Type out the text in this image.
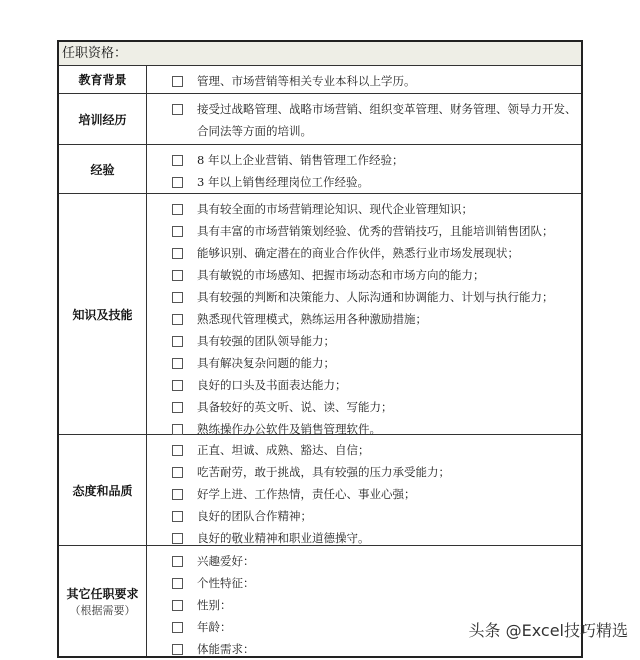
任职资格：
教育背景	管理、市场营销等相关专业本科以上学历。
培训经历
接受过战略管理、战略市场营销、组织变革管理、财务管理、领导力开发、合同法等方面的培训。
经验
8 年以上企业营销、销售管理工作经验；
3 年以上销售经理岗位工作经验。
知识及技能
具有较全面的市场营销理论知识、现代企业管理知识；
具有丰富的市场营销策划经验、优秀的营销技巧，且能培训销售团队；
能够识别、确定潜在的商业合作伙伴，熟悉行业市场发展现状；
具有敏锐的市场感知、把握市场动态和市场方向的能力；
具有较强的判断和决策能力、人际沟通和协调能力、计划与执行能力；
熟悉现代管理模式，熟练运用各种激励措施；
具有较强的团队领导能力；
具有解决复杂问题的能力；
良好的口头及书面表达能力；
具备较好的英文听、说、读、写能力；
熟练操作办公软件及销售管理软件。
态度和品质
正直、坦诚、成熟、豁达、自信；
吃苦耐劳，敢于挑战，具有较强的压力承受能力；
好学上进、工作热情，责任心、事业心强；
良好的团队合作精神；
良好的敬业精神和职业道德操守。
其它任职要求
（根据需要）
兴趣爱好：
个性特征：
性别：
年龄：
体能需求：
头条 @Excel技巧精选
